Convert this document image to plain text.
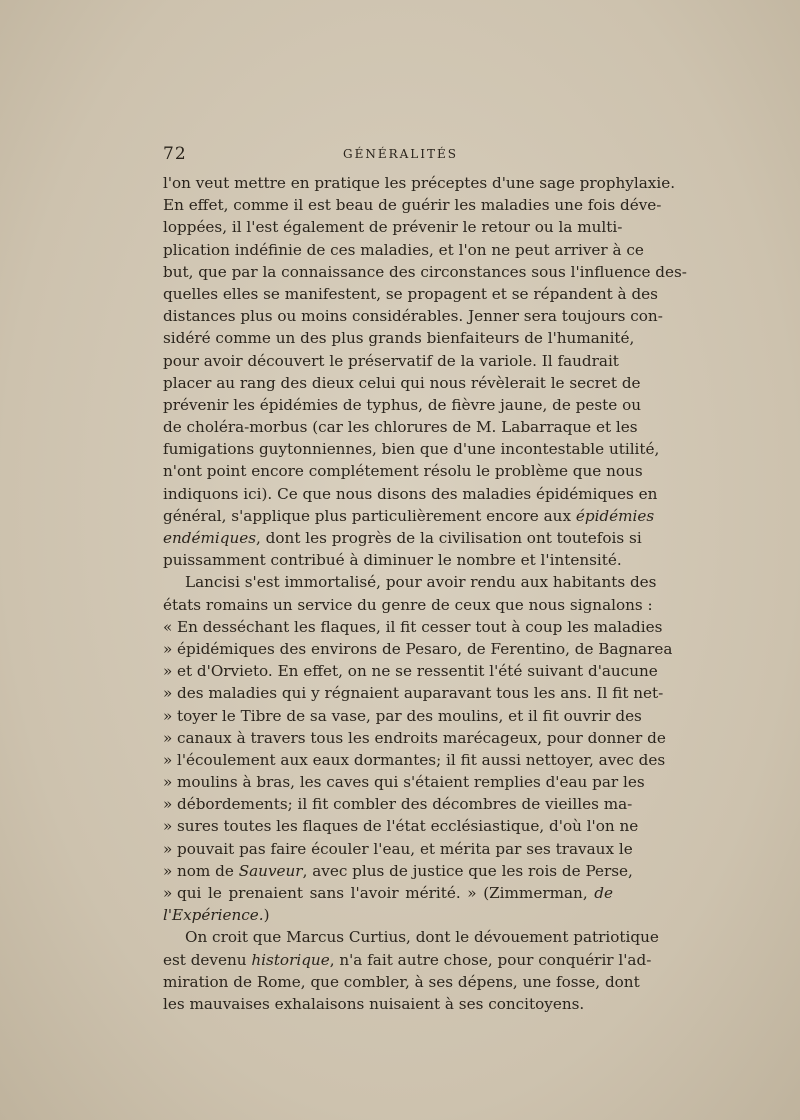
72	GÉNÉRALITÉS
l'on veut mettre en pratique les préceptes d'une sage prophylaxie.
En effet, comme il est beau de guérir les maladies une fois déve-
loppées, il l'est également de prévenir le retour ou la multi-
plication indéfinie de ces maladies, et l'on ne peut arriver à ce
but, que par la connaissance des circonstances sous l'influence des-
quelles elles se manifestent, se propagent et se répandent à des
distances plus ou moins considérables. Jenner sera toujours con-
sidéré comme un des plus grands bienfaiteurs de l'humanité,
pour avoir découvert le préservatif de la variole. Il faudrait
placer au rang des dieux celui qui nous révèlerait le secret de
prévenir les épidémies de typhus, de fièvre jaune, de peste ou
de choléra-morbus (car les chlorures de M. Labarraque et les
fumigations guytonniennes, bien que d'une incontestable utilité,
n'ont point encore complétement résolu le problème que nous
indiquons ici). Ce que nous disons des maladies épidémiques en
général, s'applique plus particulièrement encore aux épidémies
endémiques, dont les progrès de la civilisation ont toutefois si
puissamment contribué à diminuer le nombre et l'intensité.
Lancisi s'est immortalisé, pour avoir rendu aux habitants des
états romains un service du genre de ceux que nous signalons :
« En desséchant les flaques, il fit cesser tout à coup les maladies
» épidémiques des environs de Pesaro, de Ferentino, de Bagnarea
» et d'Orvieto. En effet, on ne se ressentit l'été suivant d'aucune
» des maladies qui y régnaient auparavant tous les ans. Il fit net-
» toyer le Tibre de sa vase, par des moulins, et il fit ouvrir des
» canaux à travers tous les endroits marécageux, pour donner de
» l'écoulement aux eaux dormantes; il fit aussi nettoyer, avec des
» moulins à bras, les caves qui s'étaient remplies d'eau par les
» débordements; il fit combler des décombres de vieilles ma-
» sures toutes les flaques de l'état ecclésiastique, d'où l'on ne
» pouvait pas faire écouler l'eau, et mérita par ses travaux le
» nom de Sauveur, avec plus de justice que les rois de Perse,
» qui le prenaient sans l'avoir mérité. » (Zimmerman, de
l'Expérience.)
On croit que Marcus Curtius, dont le dévouement patriotique
est devenu historique, n'a fait autre chose, pour conquérir l'ad-
miration de Rome, que combler, à ses dépens, une fosse, dont
les mauvaises exhalaisons nuisaient à ses concitoyens.
